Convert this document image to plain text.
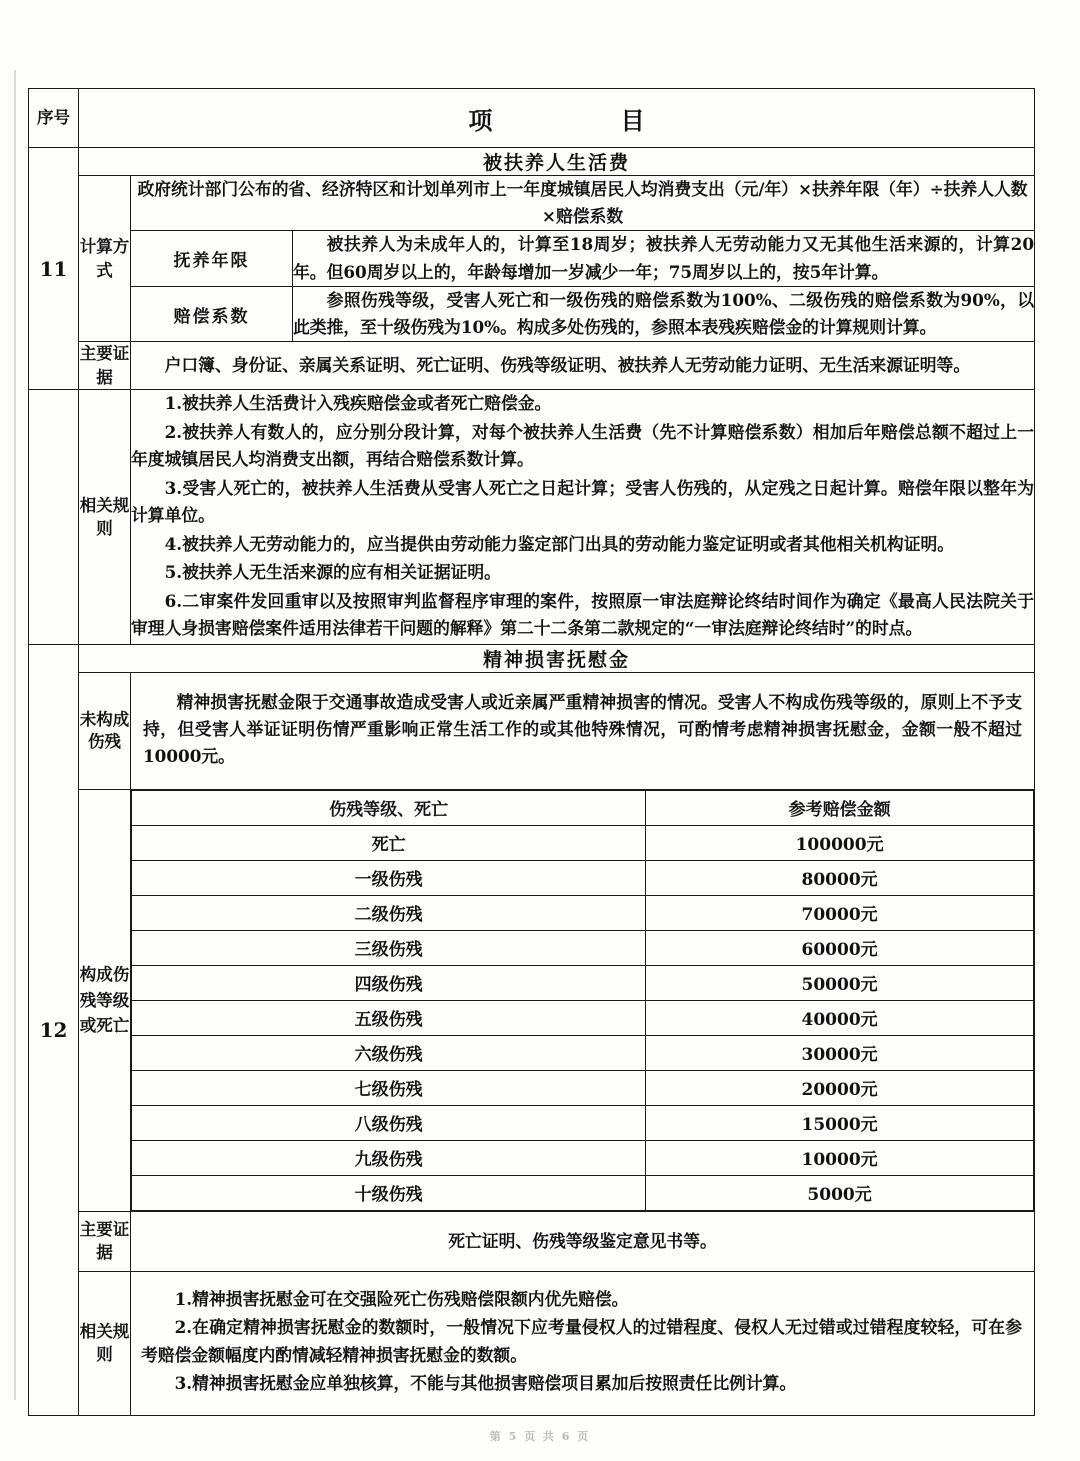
序号	项 目
11	被扶养人生活费
计算方式	政府统计部门公布的省、经济特区和计划单列市上一年度城镇居民人均消费支出（元/年）×扶养年限（年）÷扶养人人数×赔偿系数
抚养年限	被扶养人为未成年人的，计算至18周岁；被扶养人无劳动能力又无其他生活来源的，计算20年。但60周岁以上的，年龄每增加一岁减少一年；75周岁以上的，按5年计算。
赔偿系数	参照伤残等级，受害人死亡和一级伤残的赔偿系数为100%、二级伤残的赔偿系数为90%，以此类推，至十级伤残为10%。构成多处伤残的，参照本表残疾赔偿金的计算规则计算。
主要证据	户口簿、身份证、亲属关系证明、死亡证明、伤残等级证明、被扶养人无劳动能力证明、无生活来源证明等。
	相关规则	

1.被扶养人生活费计入残疾赔偿金或者死亡赔偿金。

2.被扶养人有数人的，应分别分段计算，对每个被扶养人生活费（先不计算赔偿系数）相加后年赔偿总额不超过上一年度城镇居民人均消费支出额，再结合赔偿系数计算。

3.受害人死亡的，被扶养人生活费从受害人死亡之日起计算；受害人伤残的，从定残之日起计算。赔偿年限以整年为计算单位。

4.被扶养人无劳动能力的，应当提供由劳动能力鉴定部门出具的劳动能力鉴定证明或者其他相关机构证明。

5.被扶养人无生活来源的应有相关证据证明。

6.二审案件发回重审以及按照审判监督程序审理的案件，按照原一审法庭辩论终结时间作为确定《最高人民法院关于审理人身损害赔偿案件适用法律若干问题的解释》第二十二条第二款规定的“一审法庭辩论终结时”的时点。

12	精神损害抚慰金
未构成伤残	精神损害抚慰金限于交通事故造成受害人或近亲属严重精神损害的情况。受害人不构成伤残等级的，原则上不予支持，但受害人举证证明伤情严重影响正常生活工作的或其他特殊情况，可酌情考虑精神损害抚慰金，金额一般不超过10000元。
构成伤残等级或死亡	
伤残等级、死亡	参考赔偿金额
死亡	100000元
一级伤残	80000元
二级伤残	70000元
三级伤残	60000元
四级伤残	50000元
五级伤残	40000元
六级伤残	30000元
七级伤残	20000元
八级伤残	15000元
九级伤残	10000元
十级伤残	5000元

主要证据	死亡证明、伤残等级鉴定意见书等。
相关规则	

1.精神损害抚慰金可在交强险死亡伤残赔偿限额内优先赔偿。

2.在确定精神损害抚慰金的数额时，一般情况下应考量侵权人的过错程度、侵权人无过错或过错程度较轻，可在参考赔偿金额幅度内酌情减轻精神损害抚慰金的数额。

3.精神损害抚慰金应单独核算，不能与其他损害赔偿项目累加后按照责任比例计算。

第 5 页 共 6 页
